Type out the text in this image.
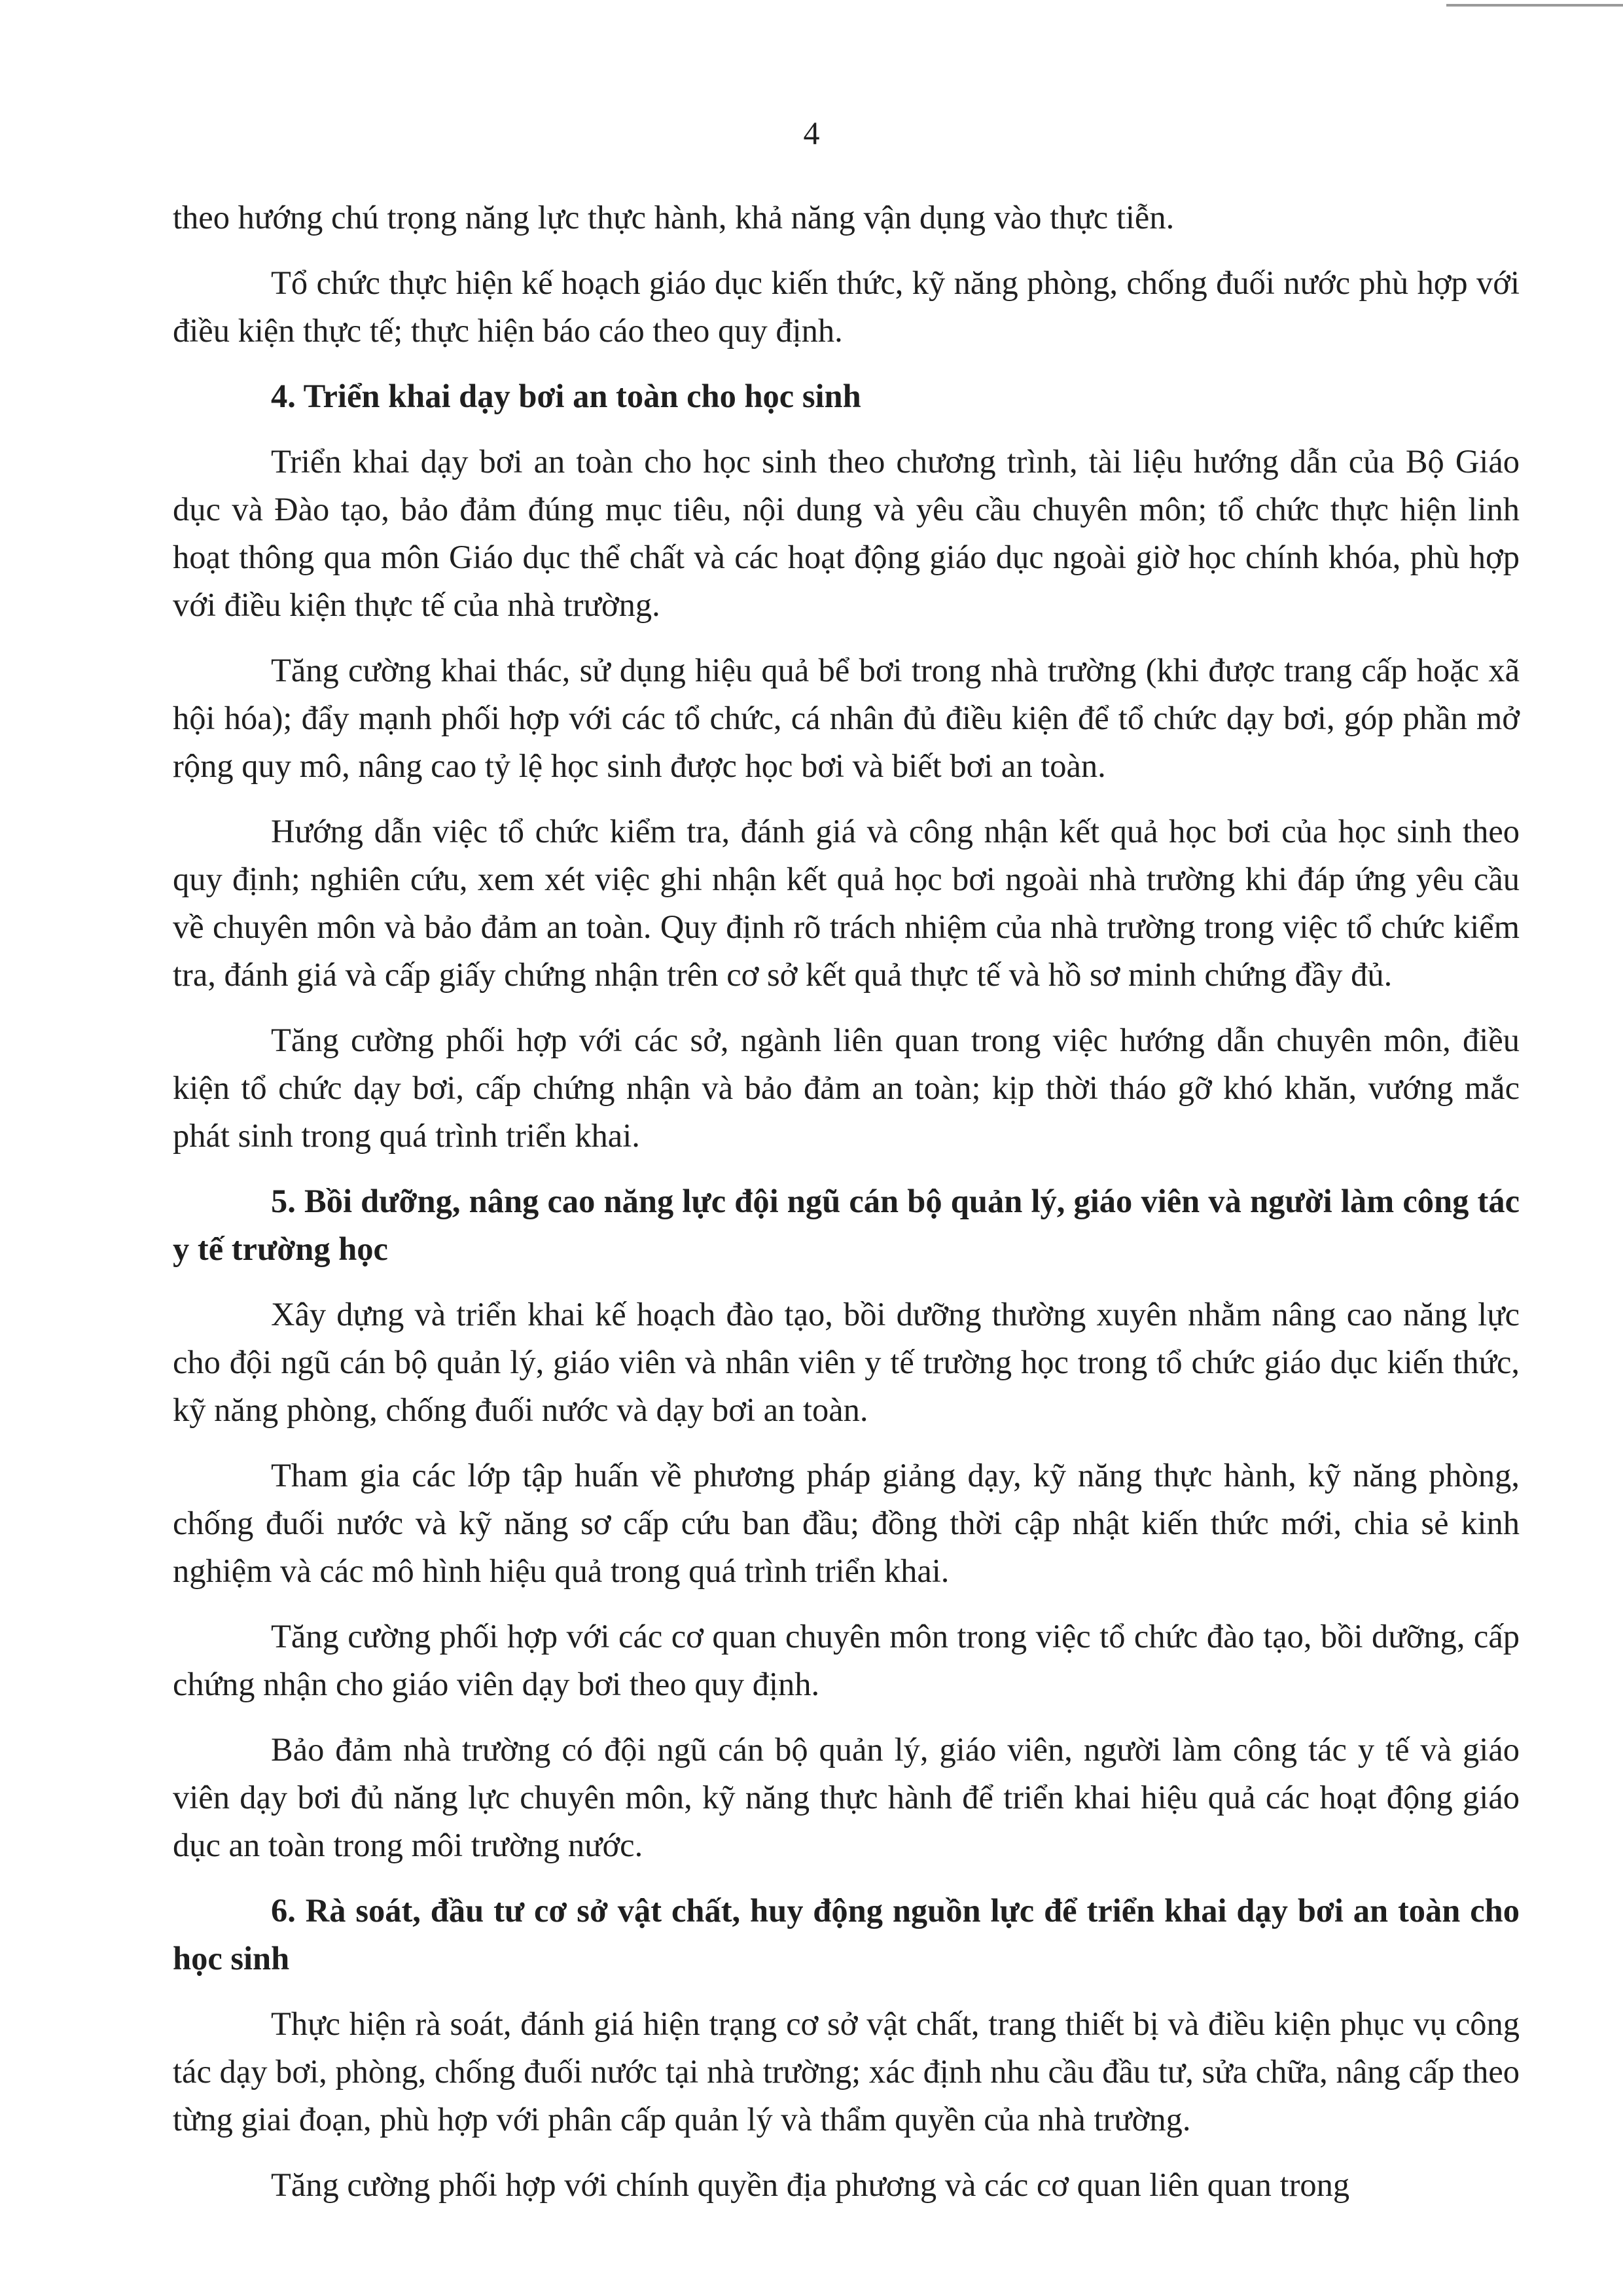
4

theo hướng chú trọng năng lực thực hành, khả năng vận dụng vào thực tiễn.

Tổ chức thực hiện kế hoạch giáo dục kiến thức, kỹ năng phòng, chống đuối nước phù hợp với điều kiện thực tế; thực hiện báo cáo theo quy định.

4. Triển khai dạy bơi an toàn cho học sinh

Triển khai dạy bơi an toàn cho học sinh theo chương trình, tài liệu hướng dẫn của Bộ Giáo dục và Đào tạo, bảo đảm đúng mục tiêu, nội dung và yêu cầu chuyên môn; tổ chức thực hiện linh hoạt thông qua môn Giáo dục thể chất và các hoạt động giáo dục ngoài giờ học chính khóa, phù hợp với điều kiện thực tế của nhà trường.

Tăng cường khai thác, sử dụng hiệu quả bể bơi trong nhà trường (khi được trang cấp hoặc xã hội hóa); đẩy mạnh phối hợp với các tổ chức, cá nhân đủ điều kiện để tổ chức dạy bơi, góp phần mở rộng quy mô, nâng cao tỷ lệ học sinh được học bơi và biết bơi an toàn.

Hướng dẫn việc tổ chức kiểm tra, đánh giá và công nhận kết quả học bơi của học sinh theo quy định; nghiên cứu, xem xét việc ghi nhận kết quả học bơi ngoài nhà trường khi đáp ứng yêu cầu về chuyên môn và bảo đảm an toàn. Quy định rõ trách nhiệm của nhà trường trong việc tổ chức kiểm tra, đánh giá và cấp giấy chứng nhận trên cơ sở kết quả thực tế và hồ sơ minh chứng đầy đủ.

Tăng cường phối hợp với các sở, ngành liên quan trong việc hướng dẫn chuyên môn, điều kiện tổ chức dạy bơi, cấp chứng nhận và bảo đảm an toàn; kịp thời tháo gỡ khó khăn, vướng mắc phát sinh trong quá trình triển khai.

5. Bồi dưỡng, nâng cao năng lực đội ngũ cán bộ quản lý, giáo viên và người làm công tác y tế trường học

Xây dựng và triển khai kế hoạch đào tạo, bồi dưỡng thường xuyên nhằm nâng cao năng lực cho đội ngũ cán bộ quản lý, giáo viên và nhân viên y tế trường học trong tổ chức giáo dục kiến thức, kỹ năng phòng, chống đuối nước và dạy bơi an toàn.

Tham gia các lớp tập huấn về phương pháp giảng dạy, kỹ năng thực hành, kỹ năng phòng, chống đuối nước và kỹ năng sơ cấp cứu ban đầu; đồng thời cập nhật kiến thức mới, chia sẻ kinh nghiệm và các mô hình hiệu quả trong quá trình triển khai.

Tăng cường phối hợp với các cơ quan chuyên môn trong việc tổ chức đào tạo, bồi dưỡng, cấp chứng nhận cho giáo viên dạy bơi theo quy định.

Bảo đảm nhà trường có đội ngũ cán bộ quản lý, giáo viên, người làm công tác y tế và giáo viên dạy bơi đủ năng lực chuyên môn, kỹ năng thực hành để triển khai hiệu quả các hoạt động giáo dục an toàn trong môi trường nước.

6. Rà soát, đầu tư cơ sở vật chất, huy động nguồn lực để triển khai dạy bơi an toàn cho học sinh

Thực hiện rà soát, đánh giá hiện trạng cơ sở vật chất, trang thiết bị và điều kiện phục vụ công tác dạy bơi, phòng, chống đuối nước tại nhà trường; xác định nhu cầu đầu tư, sửa chữa, nâng cấp theo từng giai đoạn, phù hợp với phân cấp quản lý và thẩm quyền của nhà trường.

Tăng cường phối hợp với chính quyền địa phương và các cơ quan liên quan trong
